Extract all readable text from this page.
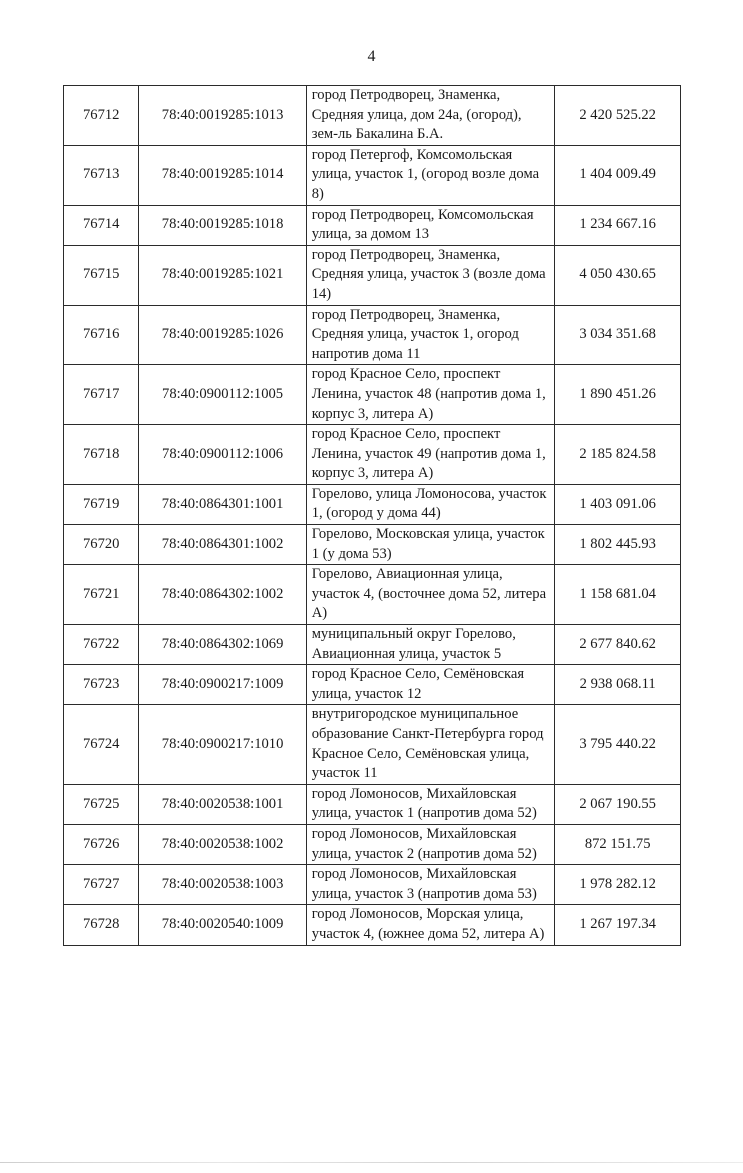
4
76712	78:40:0019285:1013	город Петродворец, Знаменка, Средняя улица, дом 24а, (огород), зем-ль Бакалина Б.А.	2 420 525.22
76713	78:40:0019285:1014	город Петергоф, Комсомольская улица, участок 1, (огород возле дома 8)	1 404 009.49
76714	78:40:0019285:1018	город Петродворец, Комсомольская улица, за домом 13	1 234 667.16
76715	78:40:0019285:1021	город Петродворец, Знаменка, Средняя улица, участок 3 (возле дома 14)	4 050 430.65
76716	78:40:0019285:1026	город Петродворец, Знаменка, Средняя улица, участок 1, огород напротив дома 11	3 034 351.68
76717	78:40:0900112:1005	город Красное Село, проспект Ленина, участок 48 (напротив дома 1, корпус 3, литера А)	1 890 451.26
76718	78:40:0900112:1006	город Красное Село, проспект Ленина, участок 49 (напротив дома 1, корпус 3, литера А)	2 185 824.58
76719	78:40:0864301:1001	Горелово, улица Ломоносова, участок 1, (огород у дома 44)	1 403 091.06
76720	78:40:0864301:1002	Горелово, Московская улица, участок 1 (у дома 53)	1 802 445.93
76721	78:40:0864302:1002	Горелово, Авиационная улица, участок 4, (восточнее дома 52, литера А)	1 158 681.04
76722	78:40:0864302:1069	муниципальный округ Горелово, Авиационная улица, участок 5	2 677 840.62
76723	78:40:0900217:1009	город Красное Село, Семёновская улица, участок 12	2 938 068.11
76724	78:40:0900217:1010	внутригородское муниципальное образование Санкт-Петербурга город Красное Село, Семёновская улица, участок 11	3 795 440.22
76725	78:40:0020538:1001	город Ломоносов, Михайловская улица, участок 1 (напротив дома 52)	2 067 190.55
76726	78:40:0020538:1002	город Ломоносов, Михайловская улица, участок 2 (напротив дома 52)	872 151.75
76727	78:40:0020538:1003	город Ломоносов, Михайловская улица, участок 3 (напротив дома 53)	1 978 282.12
76728	78:40:0020540:1009	город Ломоносов, Морская улица, участок 4, (южнее дома 52, литера А)	1 267 197.34
